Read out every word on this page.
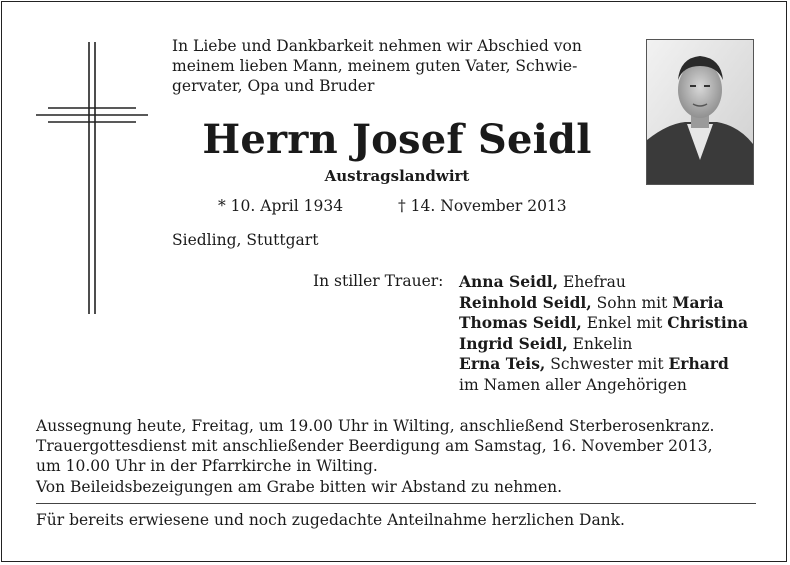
In Liebe und Dankbarkeit nehmen wir Abschied von
meinem lieben Mann, meinem guten Vater, Schwie-
gervater, Opa und Bruder
Herrn Josef Seidl
Austragslandwirt
* 10. April 1934	† 14. November 2013
Siedling, Stuttgart
In stiller Trauer: Anna Seidl, Ehefrau
Reinhold Seidl, Sohn mit Maria
Thomas Seidl, Enkel mit Christina
Ingrid Seidl, Enkelin
Erna Teis, Schwester mit Erhard
im Namen aller Angehörigen
Aussegnung heute, Freitag, um 19.00 Uhr in Wilting, anschließend Sterberosenkranz.
Trauergottesdienst mit anschließender Beerdigung am Samstag, 16. November 2013,
um 10.00 Uhr in der Pfarrkirche in Wilting.
Von Beileidsbezeigungen am Grabe bitten wir Abstand zu nehmen.
Für bereits erwiesene und noch zugedachte Anteilnahme herzlichen Dank.
